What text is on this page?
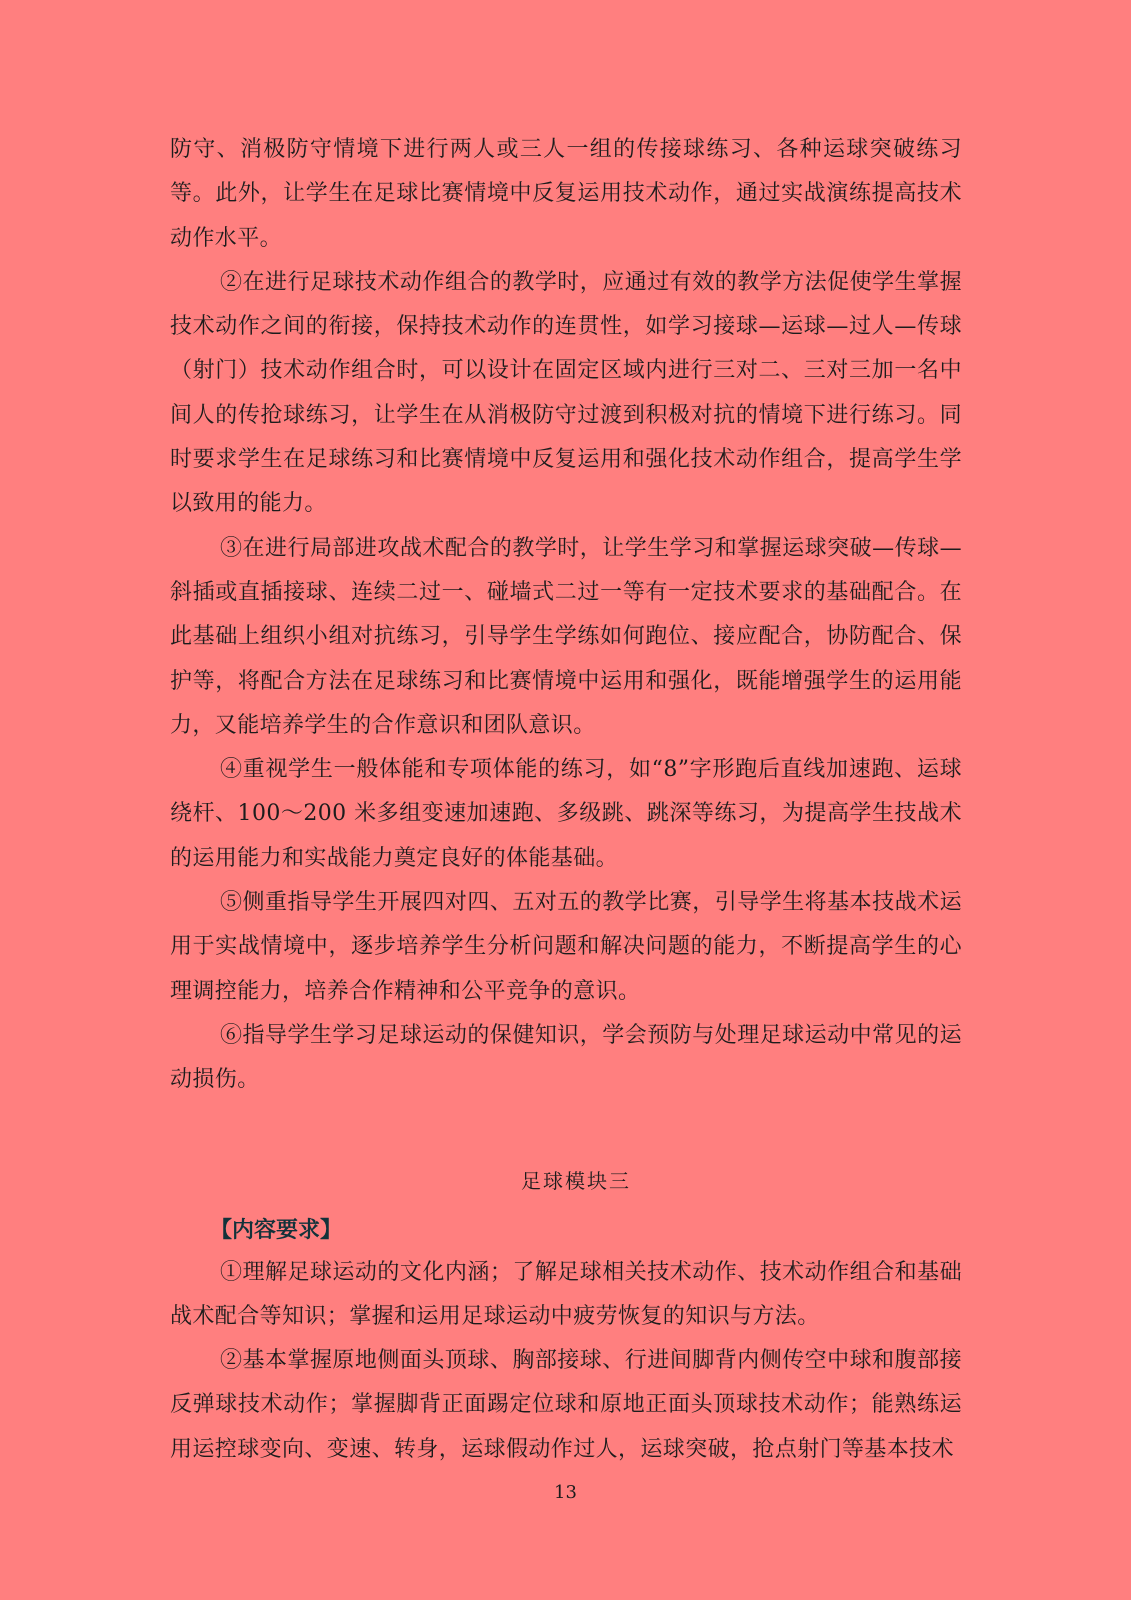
防守、消极防守情境下进行两人或三人一组的传接球练习、各种运球突破练习等。此外，让学生在足球比赛情境中反复运用技术动作，通过实战演练提高技术动作水平。

②在进行足球技术动作组合的教学时，应通过有效的教学方法促使学生掌握技术动作之间的衔接，保持技术动作的连贯性，如学习接球—运球—过人—传球（射门）技术动作组合时，可以设计在固定区域内进行三对二、三对三加一名中间人的传抢球练习，让学生在从消极防守过渡到积极对抗的情境下进行练习。同时要求学生在足球练习和比赛情境中反复运用和强化技术动作组合，提高学生学以致用的能力。

③在进行局部进攻战术配合的教学时，让学生学习和掌握运球突破—传球—斜插或直插接球、连续二过一、碰墙式二过一等有一定技术要求的基础配合。在此基础上组织小组对抗练习，引导学生学练如何跑位、接应配合，协防配合、保护等，将配合方法在足球练习和比赛情境中运用和强化，既能增强学生的运用能力，又能培养学生的合作意识和团队意识。

④重视学生一般体能和专项体能的练习，如“8”字形跑后直线加速跑、运球绕杆、100～200 米多组变速加速跑、多级跳、跳深等练习，为提高学生技战术的运用能力和实战能力奠定良好的体能基础。

⑤侧重指导学生开展四对四、五对五的教学比赛，引导学生将基本技战术运用于实战情境中，逐步培养学生分析问题和解决问题的能力，不断提高学生的心理调控能力，培养合作精神和公平竞争的意识。

⑥指导学生学习足球运动的保健知识，学会预防与处理足球运动中常见的运动损伤。

足球模块三
【内容要求】

①理解足球运动的文化内涵；了解足球相关技术动作、技术动作组合和基础战术配合等知识；掌握和运用足球运动中疲劳恢复的知识与方法。

②基本掌握原地侧面头顶球、胸部接球、行进间脚背内侧传空中球和腹部接反弹球技术动作；掌握脚背正面踢定位球和原地正面头顶球技术动作；能熟练运用运控球变向、变速、转身，运球假动作过人，运球突破，抢点射门等基本技术

13
